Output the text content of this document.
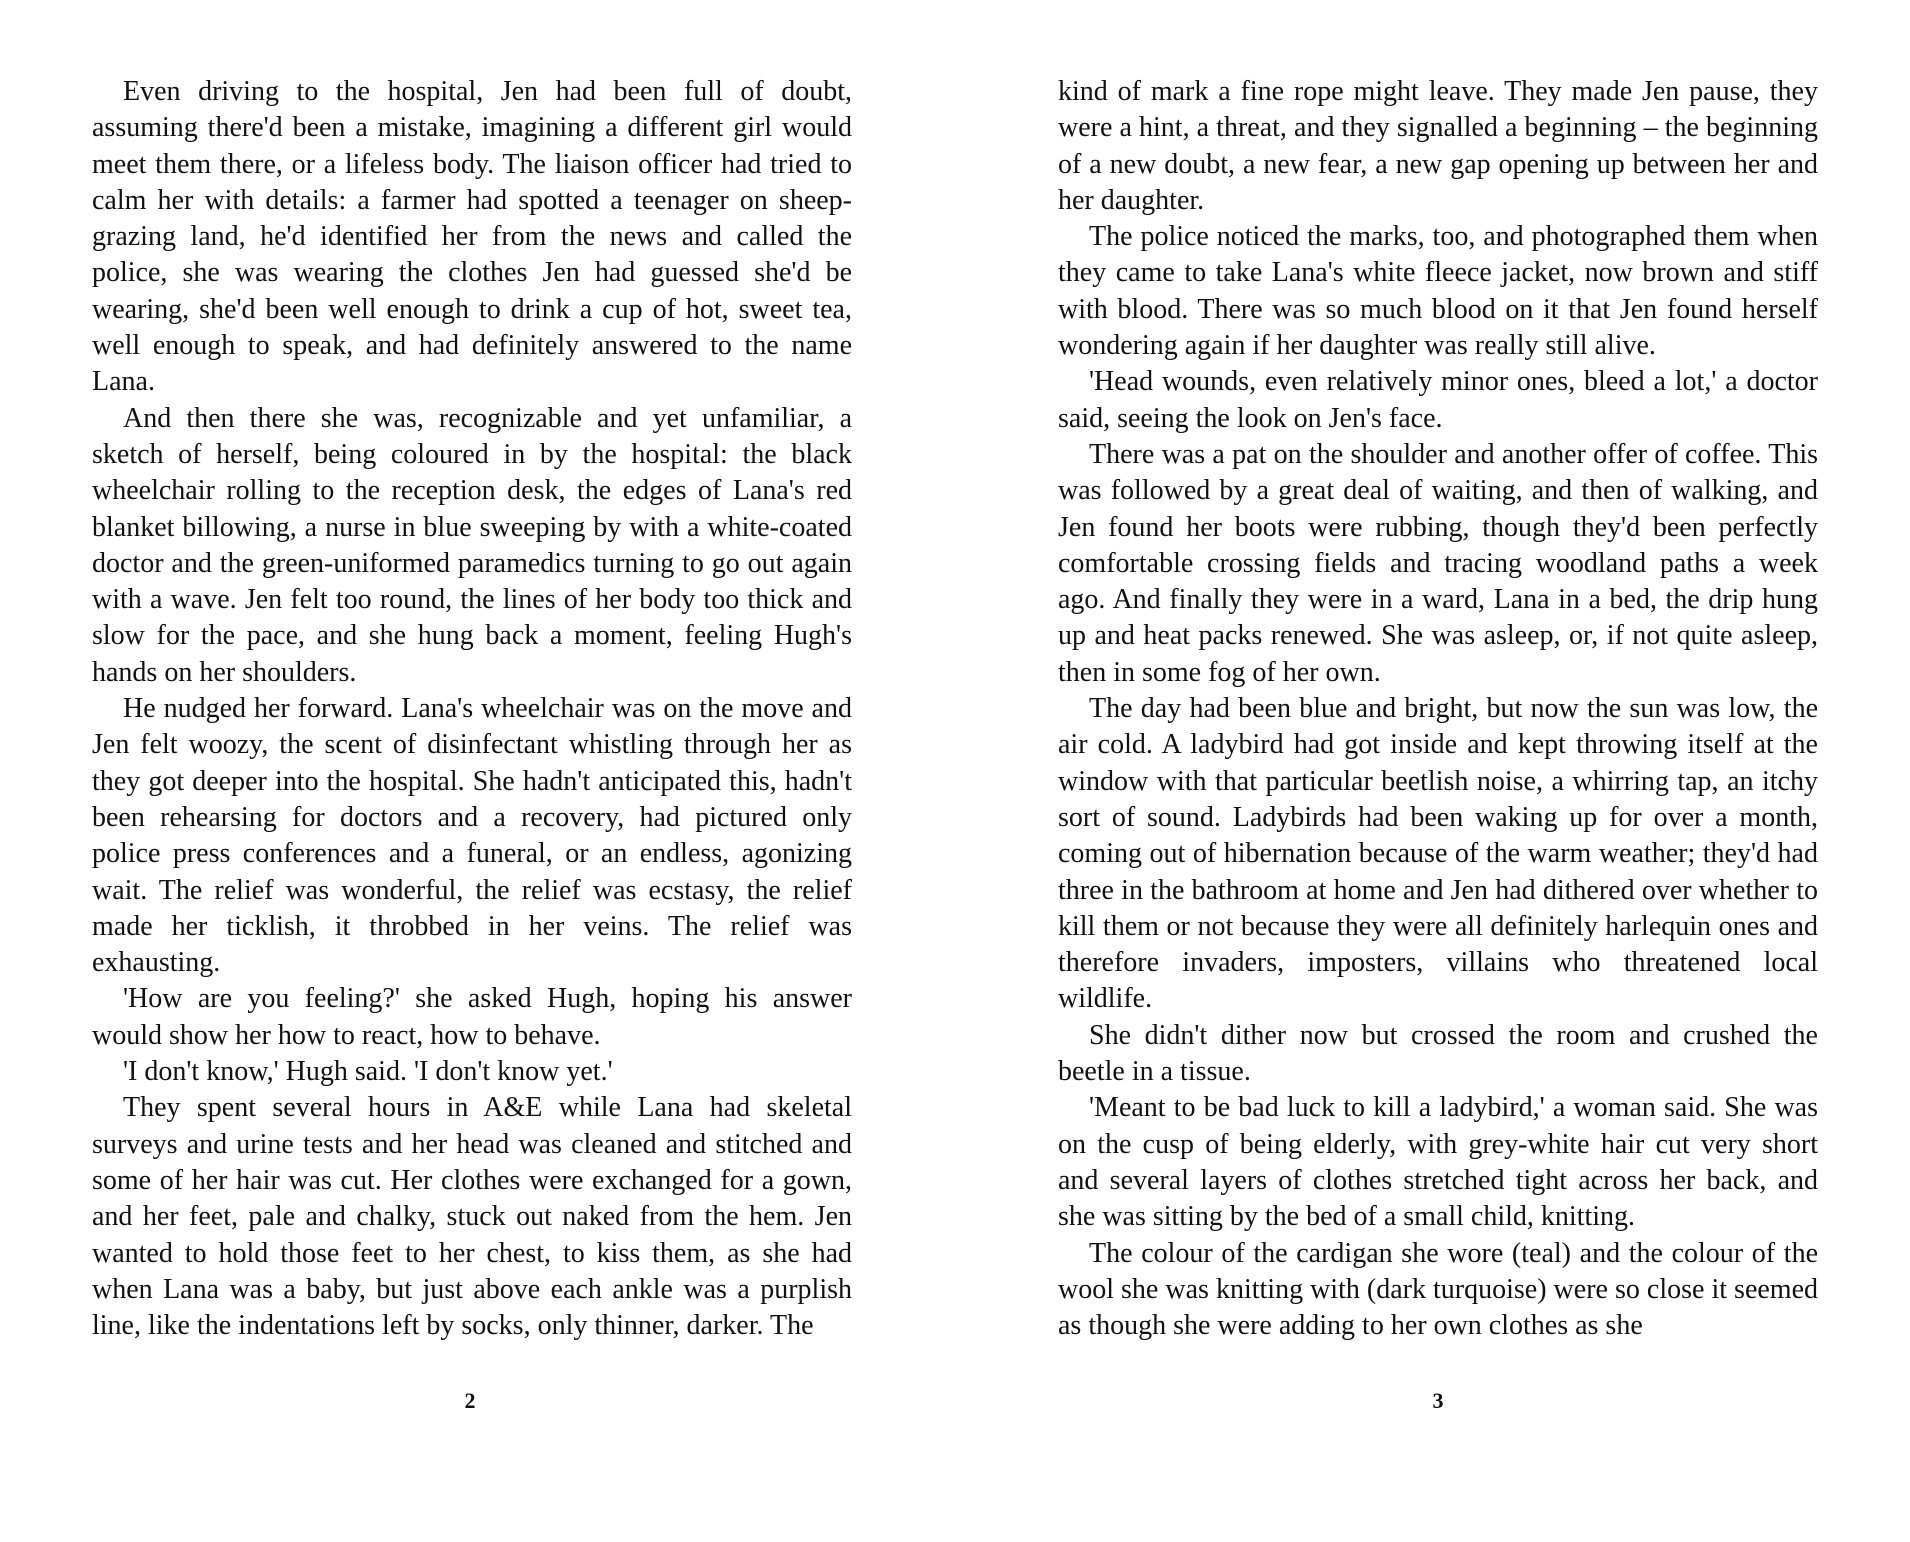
Even driving to the hospital, Jen had been full of doubt, assuming there'd been a mistake, imagining a different girl would meet them there, or a lifeless body. The liaison officer had tried to calm her with details: a farmer had spotted a teenager on sheep-grazing land, he'd identified her from the news and called the police, she was wearing the clothes Jen had guessed she'd be wearing, she'd been well enough to drink a cup of hot, sweet tea, well enough to speak, and had definitely answered to the name Lana.

And then there she was, recognizable and yet unfamiliar, a sketch of herself, being coloured in by the hospital: the black wheelchair rolling to the reception desk, the edges of Lana's red blanket billowing, a nurse in blue sweeping by with a white-coated doctor and the green-uniformed paramedics turning to go out again with a wave. Jen felt too round, the lines of her body too thick and slow for the pace, and she hung back a moment, feeling Hugh's hands on her shoulders.

He nudged her forward. Lana's wheelchair was on the move and Jen felt woozy, the scent of disinfectant whistling through her as they got deeper into the hospital. She hadn't anticipated this, hadn't been rehearsing for doctors and a recovery, had pictured only police press conferences and a funeral, or an endless, agonizing wait. The relief was wonderful, the relief was ecstasy, the relief made her ticklish, it throbbed in her veins. The relief was exhausting.

'How are you feeling?' she asked Hugh, hoping his answer would show her how to react, how to behave.

'I don't know,' Hugh said. 'I don't know yet.'

They spent several hours in A&E while Lana had skeletal surveys and urine tests and her head was cleaned and stitched and some of her hair was cut. Her clothes were exchanged for a gown, and her feet, pale and chalky, stuck out naked from the hem. Jen wanted to hold those feet to her chest, to kiss them, as she had when Lana was a baby, but just above each ankle was a purplish line, like the indentations left by socks, only thinner, darker. The

2

kind of mark a fine rope might leave. They made Jen pause, they were a hint, a threat, and they signalled a beginning – the beginning of a new doubt, a new fear, a new gap opening up between her and her daughter.

The police noticed the marks, too, and photographed them when they came to take Lana's white fleece jacket, now brown and stiff with blood. There was so much blood on it that Jen found herself wondering again if her daughter was really still alive.

'Head wounds, even relatively minor ones, bleed a lot,' a doctor said, seeing the look on Jen's face.

There was a pat on the shoulder and another offer of coffee. This was followed by a great deal of waiting, and then of walking, and Jen found her boots were rubbing, though they'd been perfectly comfortable crossing fields and tracing woodland paths a week ago. And finally they were in a ward, Lana in a bed, the drip hung up and heat packs renewed. She was asleep, or, if not quite asleep, then in some fog of her own.

The day had been blue and bright, but now the sun was low, the air cold. A ladybird had got inside and kept throwing itself at the window with that particular beetlish noise, a whirring tap, an itchy sort of sound. Ladybirds had been waking up for over a month, coming out of hibernation because of the warm weather; they'd had three in the bathroom at home and Jen had dithered over whether to kill them or not because they were all definitely harlequin ones and therefore invaders, imposters, villains who threatened local wildlife.

She didn't dither now but crossed the room and crushed the beetle in a tissue.

'Meant to be bad luck to kill a ladybird,' a woman said. She was on the cusp of being elderly, with grey-white hair cut very short and several layers of clothes stretched tight across her back, and she was sitting by the bed of a small child, knitting.

The colour of the cardigan she wore (teal) and the colour of the wool she was knitting with (dark turquoise) were so close it seemed as though she were adding to her own clothes as she

3
